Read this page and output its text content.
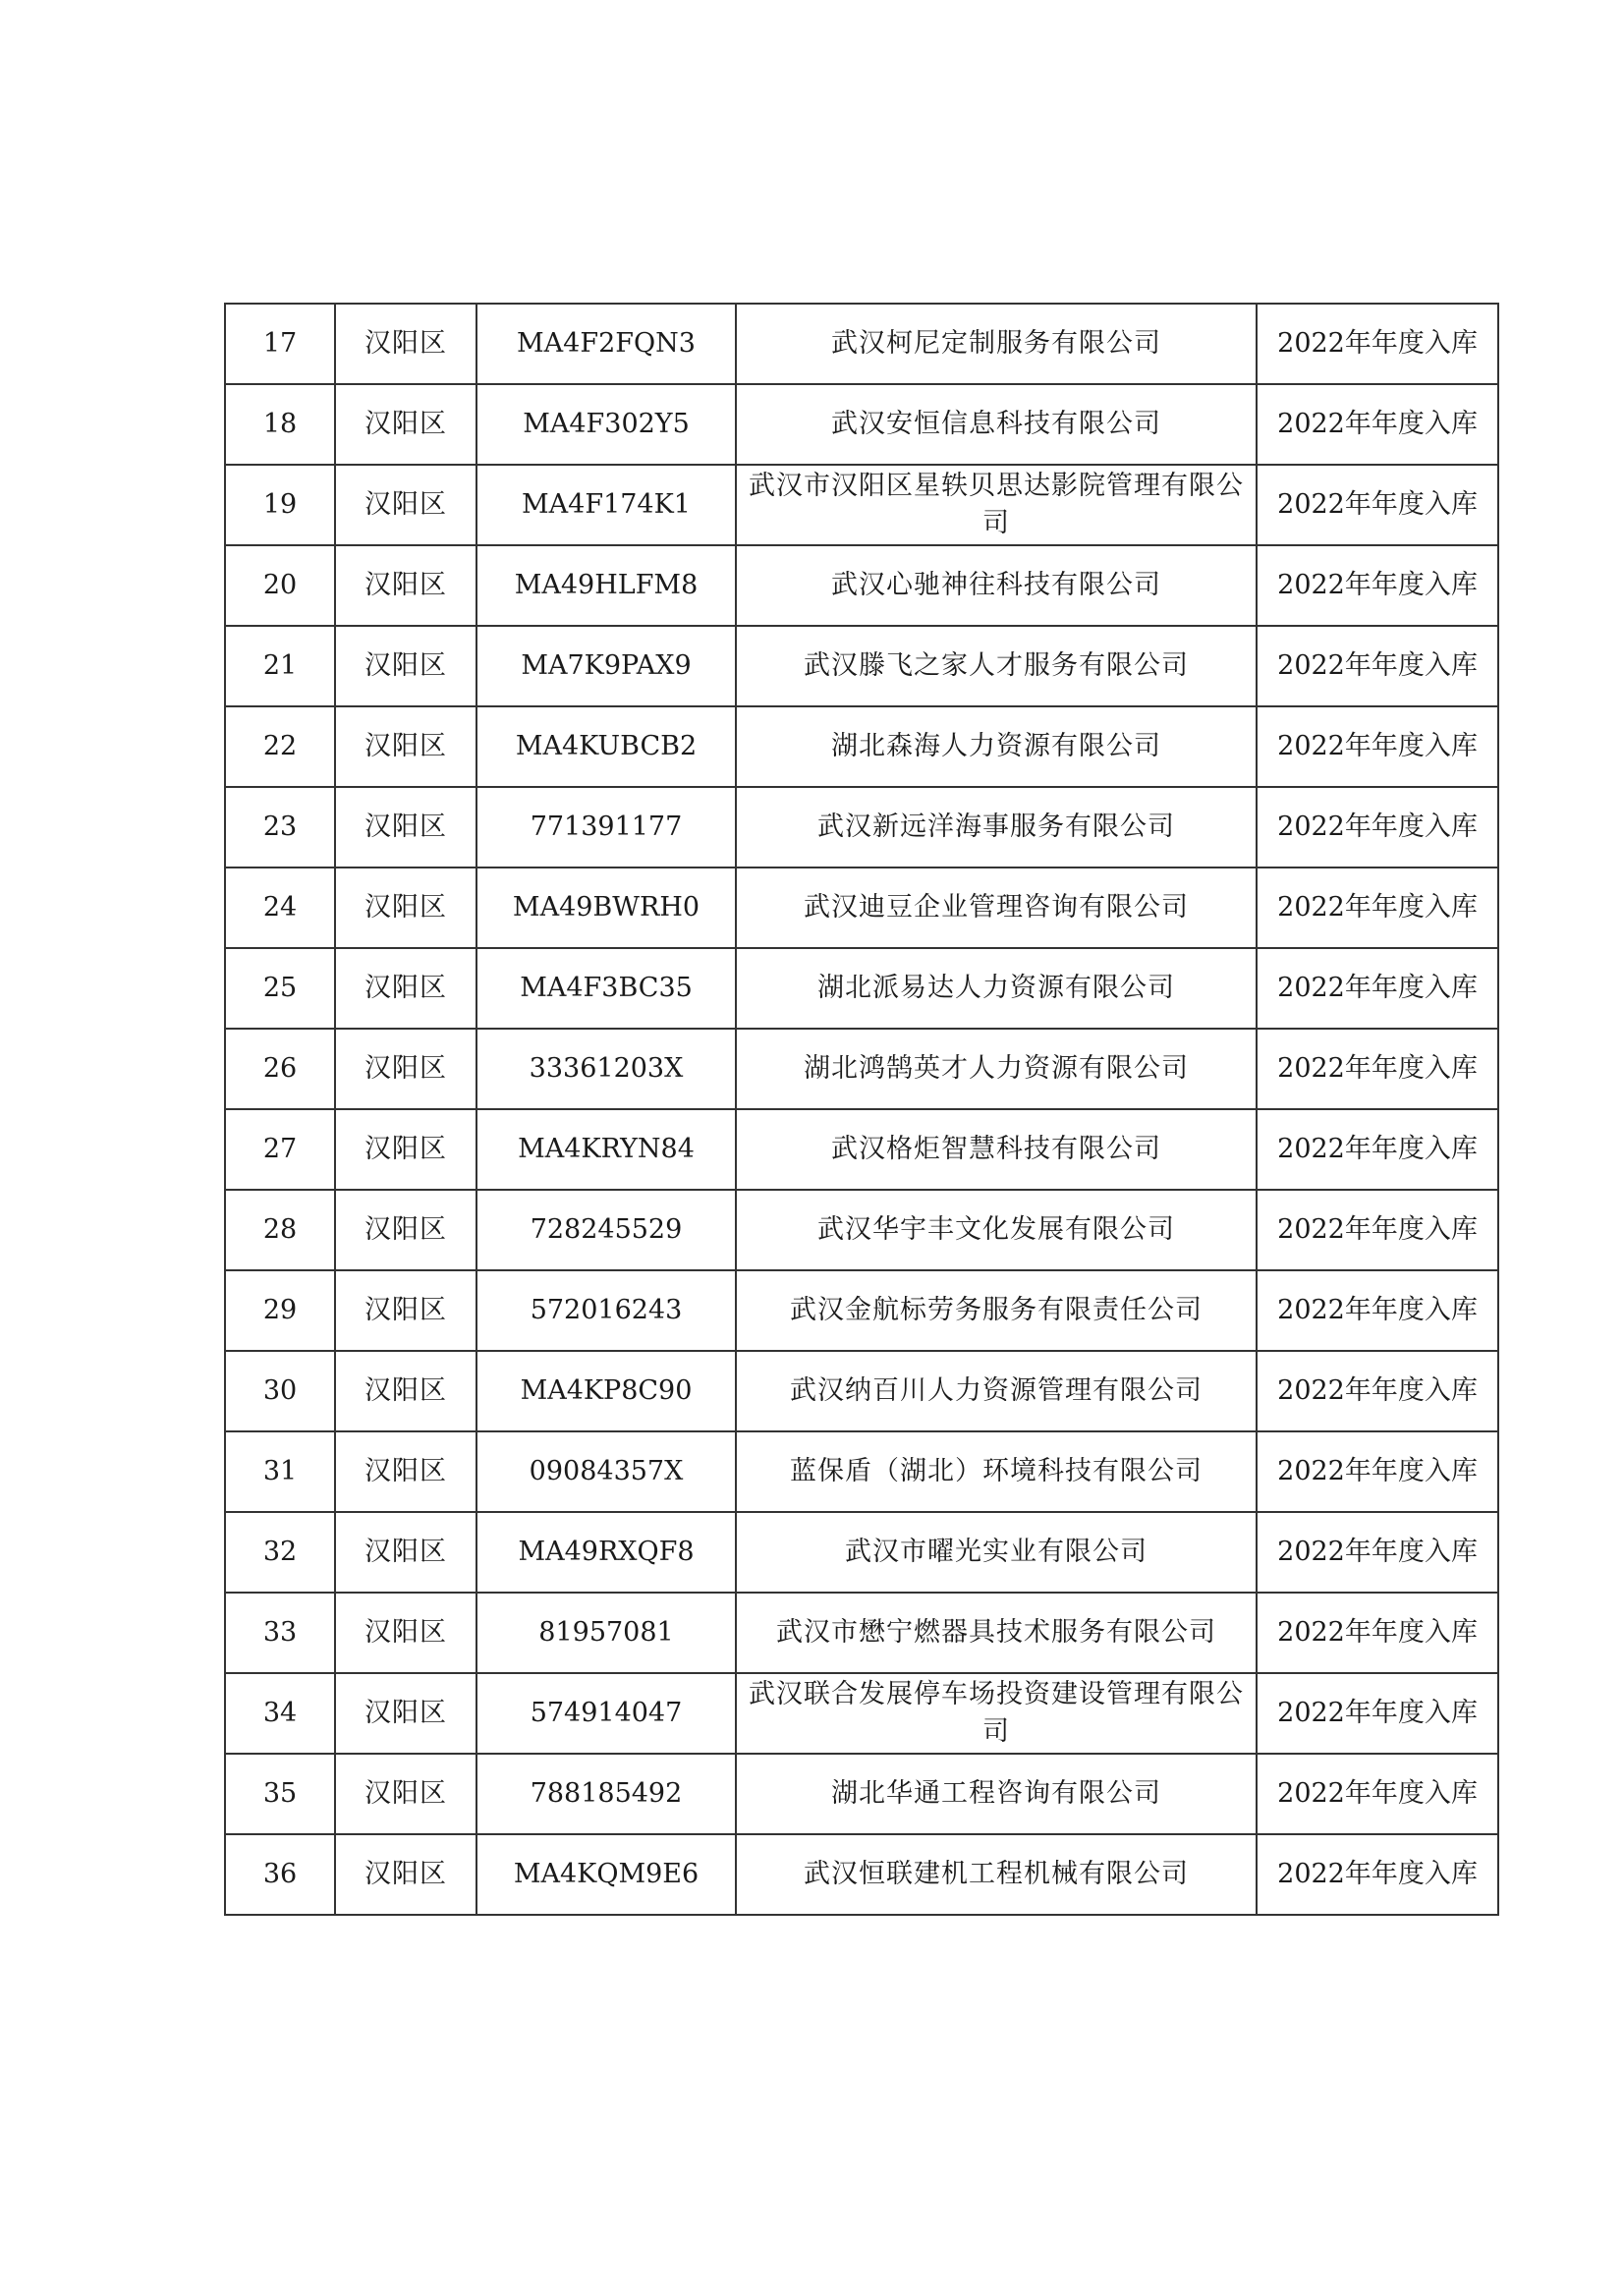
17	汉阳区	MA4F2FQN3	武汉柯尼定制服务有限公司	2022年年度入库
18	汉阳区	MA4F302Y5	武汉安恒信息科技有限公司	2022年年度入库
19	汉阳区	MA4F174K1	武汉市汉阳区星轶贝思达影院管理有限公司	2022年年度入库
20	汉阳区	MA49HLFM8	武汉心驰神往科技有限公司	2022年年度入库
21	汉阳区	MA7K9PAX9	武汉滕飞之家人才服务有限公司	2022年年度入库
22	汉阳区	MA4KUBCB2	湖北森海人力资源有限公司	2022年年度入库
23	汉阳区	771391177	武汉新远洋海事服务有限公司	2022年年度入库
24	汉阳区	MA49BWRH0	武汉迪豆企业管理咨询有限公司	2022年年度入库
25	汉阳区	MA4F3BC35	湖北派易达人力资源有限公司	2022年年度入库
26	汉阳区	33361203X	湖北鸿鹄英才人力资源有限公司	2022年年度入库
27	汉阳区	MA4KRYN84	武汉格炬智慧科技有限公司	2022年年度入库
28	汉阳区	728245529	武汉华宇丰文化发展有限公司	2022年年度入库
29	汉阳区	572016243	武汉金航标劳务服务有限责任公司	2022年年度入库
30	汉阳区	MA4KP8C90	武汉纳百川人力资源管理有限公司	2022年年度入库
31	汉阳区	09084357X	蓝保盾（湖北）环境科技有限公司	2022年年度入库
32	汉阳区	MA49RXQF8	武汉市曜光实业有限公司	2022年年度入库
33	汉阳区	81957081	武汉市懋宁燃器具技术服务有限公司	2022年年度入库
34	汉阳区	574914047	武汉联合发展停车场投资建设管理有限公司	2022年年度入库
35	汉阳区	788185492	湖北华通工程咨询有限公司	2022年年度入库
36	汉阳区	MA4KQM9E6	武汉恒联建机工程机械有限公司	2022年年度入库
